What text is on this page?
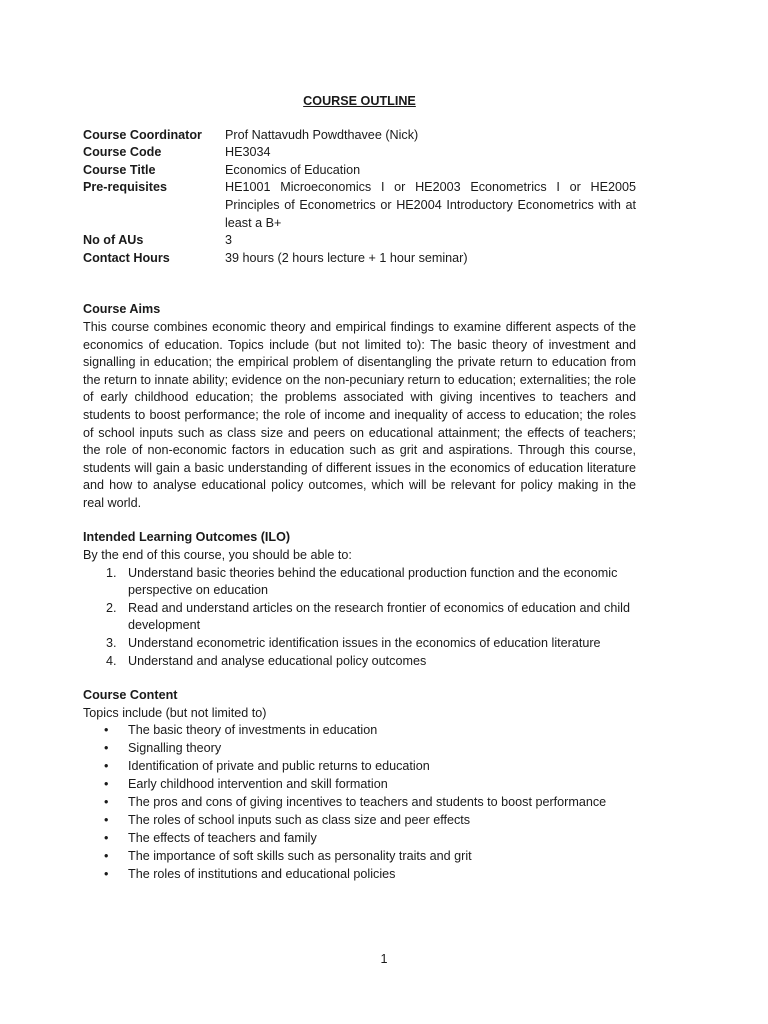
COURSE OUTLINE
Course Coordinator	Prof Nattavudh Powdthavee (Nick)
Course Code	HE3034
Course Title	Economics of Education
Pre-requisites	HE1001 Microeconomics I or HE2003 Econometrics I or HE2005 Principles of Econometrics or HE2004 Introductory Econometrics with at least a B+
No of AUs	3
Contact Hours	39 hours (2 hours lecture + 1 hour seminar)

Course Aims

This course combines economic theory and empirical findings to examine different aspects of the economics of education. Topics include (but not limited to): The basic theory of investment and signalling in education; the empirical problem of disentangling the private return to education from the return to innate ability; evidence on the non-pecuniary return to education; externalities; the role of early childhood education; the problems associated with giving incentives to teachers and students to boost performance; the role of income and inequality of access to education; the roles of school inputs such as class size and peers on educational attainment; the effects of teachers; the role of non-economic factors in education such as grit and aspirations. Through this course, students will gain a basic understanding of different issues in the economics of education literature and how to analyse educational policy outcomes, which will be relevant for policy making in the real world.

Intended Learning Outcomes (ILO)

By the end of this course, you should be able to:

1. Understand basic theories behind the educational production function and the economic perspective on education
2. Read and understand articles on the research frontier of economics of education and child development
3. Understand econometric identification issues in the economics of education literature
4. Understand and analyse educational policy outcomes

Course Content

Topics include (but not limited to)

•	The basic theory of investments in education
•	Signalling theory
•	Identification of private and public returns to education
•	Early childhood intervention and skill formation
•	The pros and cons of giving incentives to teachers and students to boost performance
•	The roles of school inputs such as class size and peer effects
•	The effects of teachers and family
•	The importance of soft skills such as personality traits and grit
•	The roles of institutions and educational policies
1
